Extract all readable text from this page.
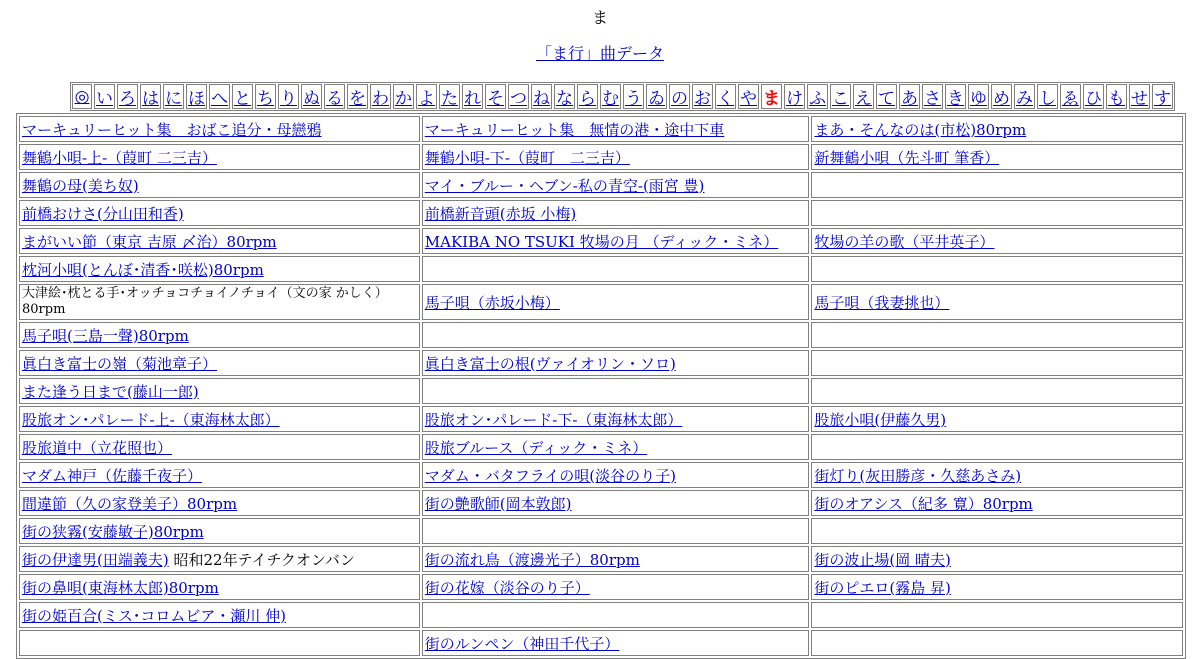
ま
「ま行」曲データ
◎ い ろ は に ほ へ と ち り ぬ る を わ か よ た れ そ つ ね な ら む う ゐ の お く や ま け ふ こ え て あ さ き ゆ め み し ゑ ひ も せ す
マーキュリーヒット集　おばこ追分・母戀鴉	マーキュリーヒット集　無情の港・途中下車	まあ・そんなのは(市松)80rpm
舞鶴小唄-上-（葭町 二三吉）	舞鶴小唄-下-（葭町　二三吉）	新舞鶴小唄（先斗町 筆香）
舞鶴の母(美ち奴)	マイ・ブルー・ヘブン-私の青空-(雨宮 豊)	
前橋おけさ(分山田和香)	前橋新音頭(赤坂 小梅)	
まがいい節（東京 吉原 〆治）80rpm	MAKIBA NO TSUKI 牧場の月 （ディック・ミネ）	牧場の羊の歌（平井英子）
枕河小唄(とんぼ･清香･咲松)80rpm		
大津絵･枕とる手･オッチョコチョイノチョイ（文の家 かしく）80rpm	馬子唄（赤坂小梅）	馬子唄（我妻挑也）
馬子唄(三島一聲)80rpm		
眞白き富士の嶺（菊池章子）	眞白き富士の根(ヴァイオリン・ソロ)	
また逢う日まで(藤山一郎)		
股旅オン･パレード-上-（東海林太郎）	股旅オン･パレード-下-（東海林太郎）	股旅小唄(伊藤久男)
股旅道中（立花照也）	股旅ブルース（ディック・ミネ）	
マダム神戸（佐藤千夜子）	マダム・バタフライの唄(淡谷のり子)	街灯り(灰田勝彦・久慈あさみ)
間違節（久の家登美子）80rpm	街の艶歌師(岡本敦郎)	街のオアシス（紀多 寛）80rpm
街の狭霧(安藤敏子)80rpm		
街の伊達男(田端義夫) 昭和22年テイチクオンバン	街の流れ鳥（渡邊光子）80rpm	街の波止場(岡 晴夫)
街の鼻唄(東海林太郎)80rpm	街の花嫁（淡谷のり子）	街のピエロ(霧島 昇)
街の姫百合(ミス･コロムビア・瀬川 伸)		
	街のルンペン（神田千代子）	
